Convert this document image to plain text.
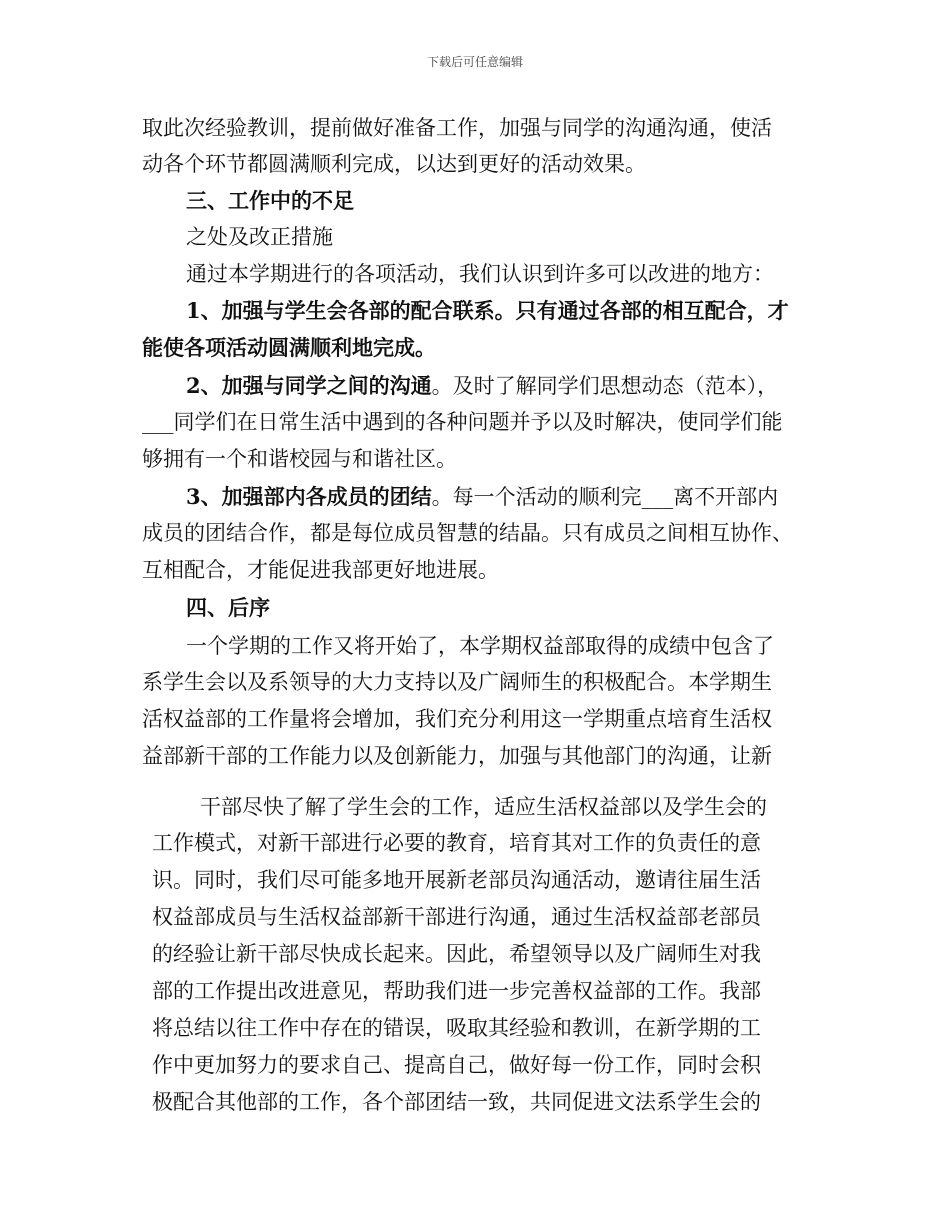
下载后可任意编辑
取此次经验教训，提前做好准备工作，加强与同学的沟通沟通，使活
动各个环节都圆满顺利完成，以达到更好的活动效果。
三、工作中的不足
之处及改正措施
通过本学期进行的各项活动，我们认识到许多可以改进的地方：
1、加强与学生会各部的配合联系。只有通过各部的相互配合，才
能使各项活动圆满顺利地完成。
2、加强与同学之间的沟通。及时了解同学们思想动态（范本），
___同学们在日常生活中遇到的各种问题并予以及时解决，使同学们能
够拥有一个和谐校园与和谐社区。
3、加强部内各成员的团结。每一个活动的顺利完___离不开部内
成员的团结合作，都是每位成员智慧的结晶。只有成员之间相互协作、
互相配合，才能促进我部更好地进展。
四、后序
一个学期的工作又将开始了，本学期权益部取得的成绩中包含了
系学生会以及系领导的大力支持以及广阔师生的积极配合。本学期生
活权益部的工作量将会增加，我们充分利用这一学期重点培育生活权
益部新干部的工作能力以及创新能力，加强与其他部门的沟通，让新
干部尽快了解了学生会的工作，适应生活权益部以及学生会的
工作模式，对新干部进行必要的教育，培育其对工作的负责任的意
识。同时，我们尽可能多地开展新老部员沟通活动，邀请往届生活
权益部成员与生活权益部新干部进行沟通，通过生活权益部老部员
的经验让新干部尽快成长起来。因此，希望领导以及广阔师生对我
部的工作提出改进意见，帮助我们进一步完善权益部的工作。我部
将总结以往工作中存在的错误，吸取其经验和教训，在新学期的工
作中更加努力的要求自己、提高自己，做好每一份工作，同时会积
极配合其他部的工作，各个部团结一致，共同促进文法系学生会的
